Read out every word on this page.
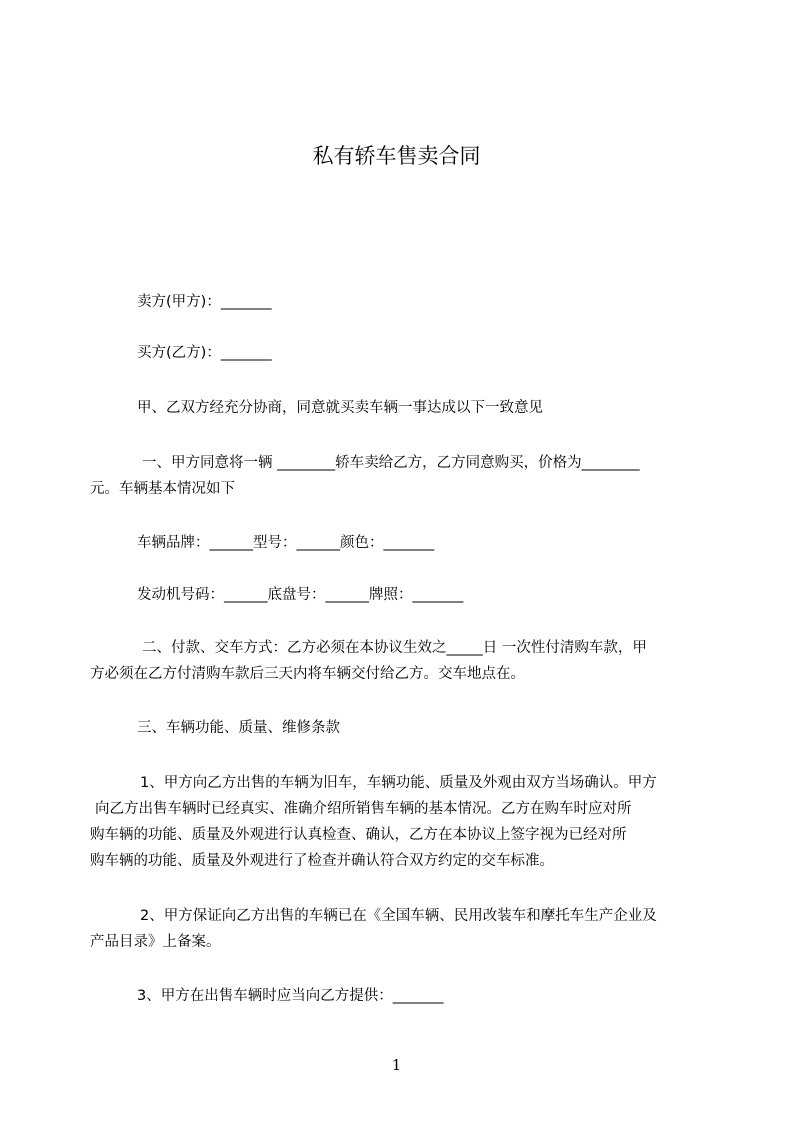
私有轿车售卖合同

卖方(甲方)：_______

买方(乙方)：_______

甲、乙双方经充分协商，同意就买卖车辆一事达成以下一致意见

一、甲方同意将一辆 ________轿车卖给乙方，乙方同意购买，价格为________

元。车辆基本情况如下

车辆品牌：______型号：______颜色：_______

发动机号码：______底盘号：______牌照：_______

二、付款、交车方式：乙方必须在本协议生效之_____日 一次性付清购车款，甲

方必须在乙方付清购车款后三天内将车辆交付给乙方。交车地点在。

三、车辆功能、质量、维修条款

1、甲方向乙方出售的车辆为旧车，车辆功能、质量及外观由双方当场确认。甲方

向乙方出售车辆时已经真实、准确介绍所销售车辆的基本情况。乙方在购车时应对所

购车辆的功能、质量及外观进行认真检查、确认，乙方在本协议上签字视为已经对所

购车辆的功能、质量及外观进行了检查并确认符合双方约定的交车标准。

2、甲方保证向乙方出售的车辆已在《全国车辆、民用改装车和摩托车生产企业及

产品目录》上备案。

3、甲方在出售车辆时应当向乙方提供：_______

1
